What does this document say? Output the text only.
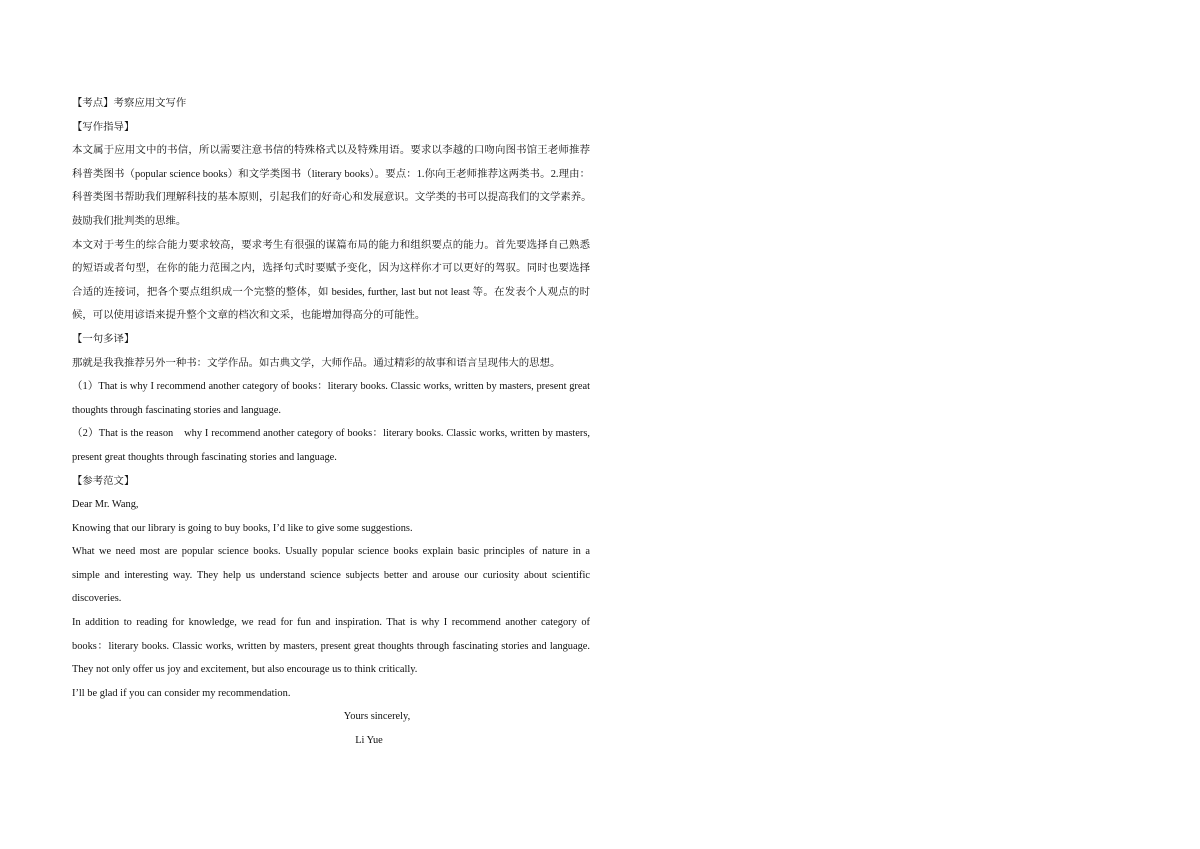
【考点】考察应用文写作
【写作指导】
本文属于应用文中的书信，所以需要注意书信的特殊格式以及特殊用语。要求以李越的口吻向图书馆王老师推荐
科普类图书（popular science books）和文学类图书（literary books）。要点：1.你向王老师推荐这两类书。2.理由：
科普类图书帮助我们理解科技的基本原则，引起我们的好奇心和发展意识。文学类的书可以提高我们的文学素养。
鼓励我们批判类的思维。
本文对于考生的综合能力要求较高，要求考生有很强的谋篇布局的能力和组织要点的能力。首先要选择自己熟悉
的短语或者句型，在你的能力范围之内，选择句式时要赋予变化，因为这样你才可以更好的驾驭。同时也要选择
合适的连接词，把各个要点组织成一个完整的整体，如 besides, further, last but not least 等。在发表个人观点的时
候，可以使用谚语来提升整个文章的档次和文采，也能增加得高分的可能性。
【一句多译】
那就是我我推荐另外一种书：文学作品。如古典文学，大师作品。通过精彩的故事和语言呈现伟大的思想。
（1）That is why I recommend another category of books：literary books. Classic works, written by masters, present great
thoughts through fascinating stories and language.
（2）That is the reason　why I recommend another category of books：literary books. Classic works, written by masters,
present great thoughts through fascinating stories and language.
【参考范文】
Dear Mr. Wang,
Knowing that our library is going to buy books, I’d like to give some suggestions.
What we need most are popular science books. Usually popular science books explain basic principles of nature in a
simple and interesting way. They help us understand science subjects better and arouse our curiosity about scientific
discoveries.
In addition to reading for knowledge, we read for fun and inspiration. That is why I recommend another category of
books：literary books. Classic works, written by masters, present great thoughts through fascinating stories and language.
They not only offer us joy and excitement, but also encourage us to think critically.
I’ll be glad if you can consider my recommendation.
Yours sincerely,
Li Yue
